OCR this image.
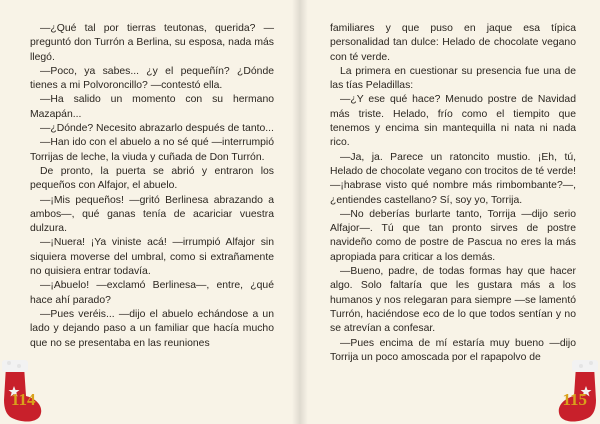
—¿Qué tal por tierras teutonas, querida? —preguntó don Turrón a Berlina, su esposa, nada más llegó.

—Poco, ya sabes... ¿y el pequeñín? ¿Dónde tienes a mi Polvoroncillo? —contestó ella.

—Ha salido un momento con su hermano Mazapán...

—¿Dónde? Necesito abrazarlo después de tanto...

—Han ido con el abuelo a no sé qué —interrumpió Torrijas de leche, la viuda y cuñada de Don Turrón.

De pronto, la puerta se abrió y entraron los pequeños con Alfajor, el abuelo.

—¡Mis pequeños! —gritó Berlinesa abrazando a ambos—, qué ganas tenía de acariciar vuestra dulzura.

—¡Nuera! ¡Ya viniste acá! —irrumpió Alfajor sin siquiera moverse del umbral, como si extrañamente no quisiera entrar todavía.

—¡Abuelo! —exclamó Berlinesa—, entre, ¿qué hace ahí parado?

—Pues veréis... —dijo el abuelo echándose a un lado y dejando paso a un familiar que hacía mucho que no se presentaba en las reuniones

114

familiares y que puso en jaque esa típica personalidad tan dulce: Helado de chocolate vegano con té verde.

La primera en cuestionar su presencia fue una de las tías Peladillas:

—¿Y ese qué hace? Menudo postre de Navidad más triste. Helado, frío como el tiempito que tenemos y encima sin mantequilla ni nata ni nada rico.

—Ja, ja. Parece un ratoncito mustio. ¡Eh, tú, Helado de chocolate vegano con trocitos de té verde! —¡habrase visto qué nombre más rimbombante?—, ¿entiendes castellano? Sí, soy yo, Torrija.

—No deberías burlarte tanto, Torrija —dijo serio Alfajor—. Tú que tan pronto sirves de postre navideño como de postre de Pascua no eres la más apropiada para criticar a los demás.

—Bueno, padre, de todas formas hay que hacer algo. Solo faltaría que les gustara más a los humanos y nos relegaran para siempre —se lamentó Turrón, haciéndose eco de lo que todos sentían y no se atrevían a confesar.

—Pues encima de mí estaría muy bueno —dijo Torrija un poco amoscada por el rapapolvo de

115
